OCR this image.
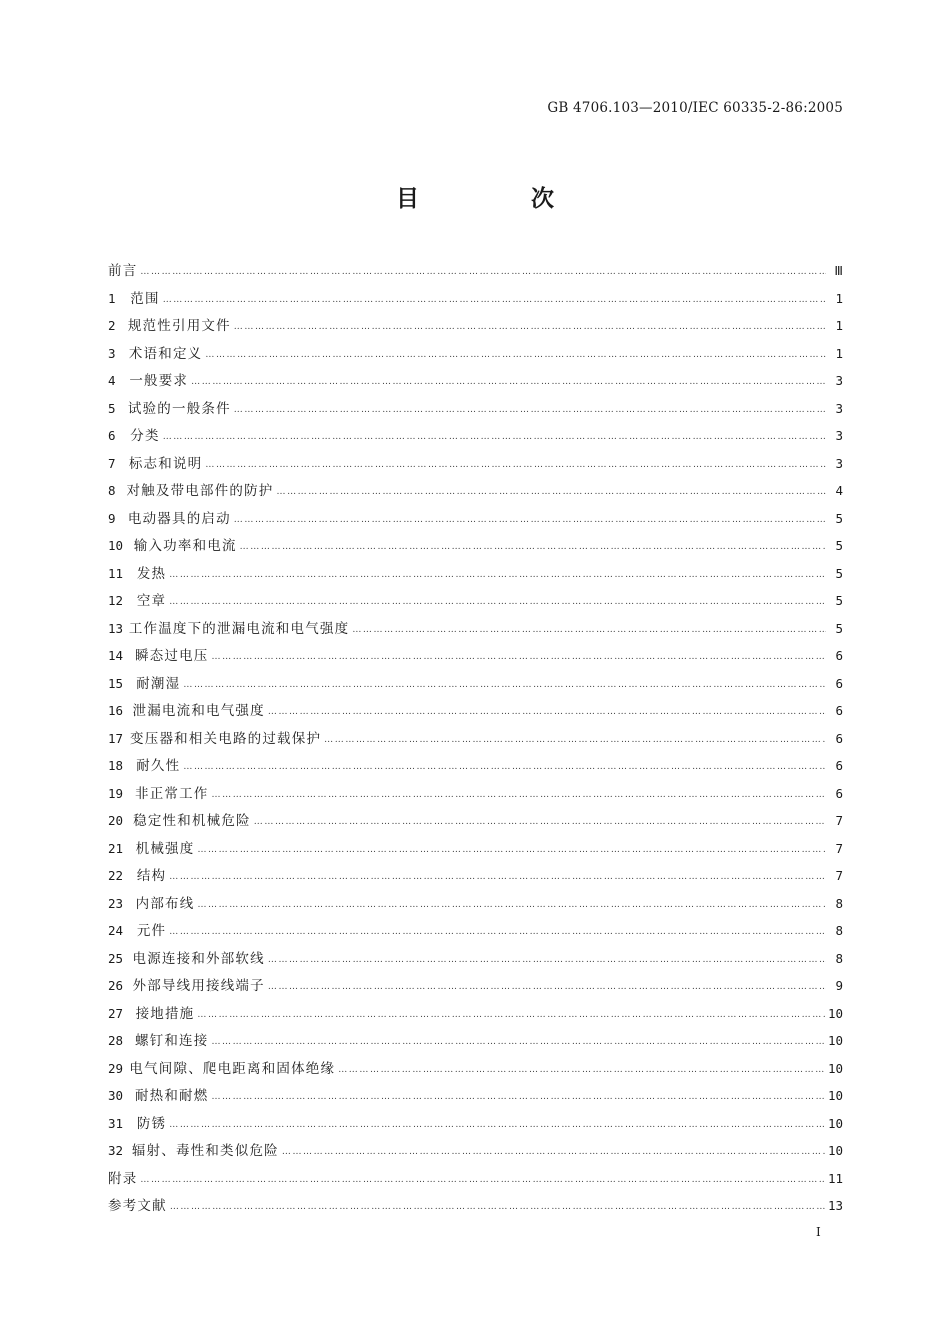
GB 4706.103—2010/IEC 60335-2-86:2005
目 次
前言 …………………………………………………………………………………………………………………………………………………………………………………………………	Ⅲ
1	范围 …………………………………………………………………………………………………………………………………………………………………………………………………	1
2 规范性引用文件 …………………………………………………………………………………………………………………………………………………………………………………………………	1
3 术语和定义 …………………………………………………………………………………………………………………………………………………………………………………………………	1
4	一般要求 …………………………………………………………………………………………………………………………………………………………………………………………………	3
5 试验的一般条件 …………………………………………………………………………………………………………………………………………………………………………………………………	3
6	分类 …………………………………………………………………………………………………………………………………………………………………………………………………	3
7 标志和说明 …………………………………………………………………………………………………………………………………………………………………………………………………	3
8 对触及带电部件的防护 …………………………………………………………………………………………………………………………………………………………………………………………………	4
9 电动器具的启动 …………………………………………………………………………………………………………………………………………………………………………………………………	5
10 输入功率和电流 …………………………………………………………………………………………………………………………………………………………………………………………………	5
11	发热 …………………………………………………………………………………………………………………………………………………………………………………………………	5
12	空章 …………………………………………………………………………………………………………………………………………………………………………………………………	5
13 工作温度下的泄漏电流和电气强度 …………………………………………………………………………………………………………………………………………………………………………………………………	5
14 瞬态过电压 …………………………………………………………………………………………………………………………………………………………………………………………………	6
15 耐潮湿 …………………………………………………………………………………………………………………………………………………………………………………………………	6
16 泄漏电流和电气强度 …………………………………………………………………………………………………………………………………………………………………………………………………	6
17 变压器和相关电路的过载保护 …………………………………………………………………………………………………………………………………………………………………………………………………	6
18 耐久性 …………………………………………………………………………………………………………………………………………………………………………………………………	6
19 非正常工作 …………………………………………………………………………………………………………………………………………………………………………………………………	6
20 稳定性和机械危险 …………………………………………………………………………………………………………………………………………………………………………………………………	7
21 机械强度 …………………………………………………………………………………………………………………………………………………………………………………………………	7
22	结构 …………………………………………………………………………………………………………………………………………………………………………………………………	7
23 内部布线 …………………………………………………………………………………………………………………………………………………………………………………………………	8
24	元件 …………………………………………………………………………………………………………………………………………………………………………………………………	8
25 电源连接和外部软线 …………………………………………………………………………………………………………………………………………………………………………………………………	8
26 外部导线用接线端子 …………………………………………………………………………………………………………………………………………………………………………………………………	9
27 接地措施 …………………………………………………………………………………………………………………………………………………………………………………………………	10
28 螺钉和连接 …………………………………………………………………………………………………………………………………………………………………………………………………	10
29 电气间隙、爬电距离和固体绝缘 …………………………………………………………………………………………………………………………………………………………………………………………………	10
30 耐热和耐燃 …………………………………………………………………………………………………………………………………………………………………………………………………	10
31	防锈 …………………………………………………………………………………………………………………………………………………………………………………………………	10
32 辐射、毒性和类似危险 …………………………………………………………………………………………………………………………………………………………………………………………………	10
附录 …………………………………………………………………………………………………………………………………………………………………………………………………	11
参考文献 …………………………………………………………………………………………………………………………………………………………………………………………………	13
I
